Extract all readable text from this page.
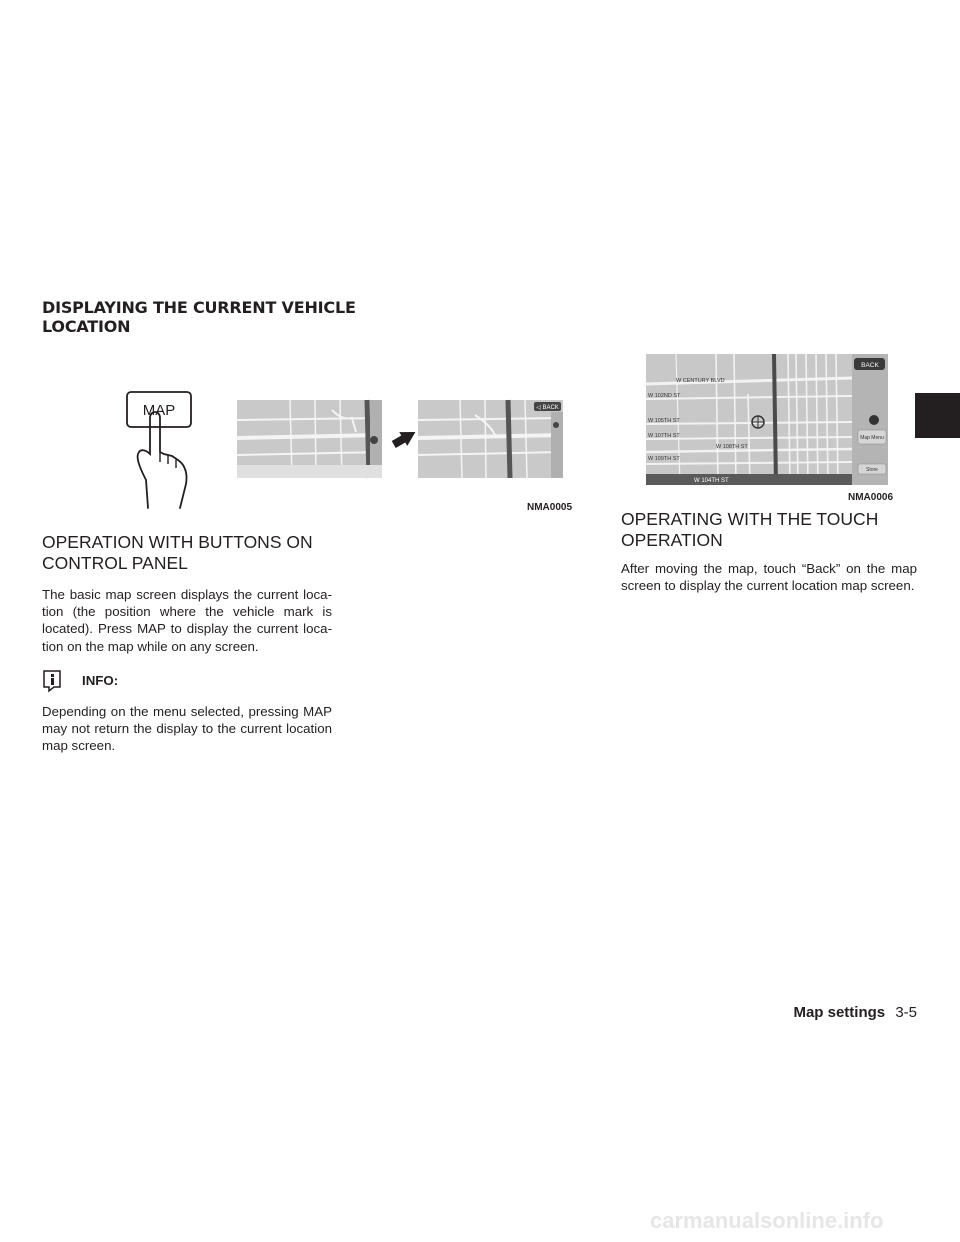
DISPLAYING THE CURRENT VEHICLE
LOCATION
MAP	◁ BACK
NMA0005
W CENTURY BLVD
W 102ND ST
W 105TH ST
W 107TH ST
W 108TH ST
W 109TH ST
W 104TH ST
BACK
Map Menu
Store
NMA0006
OPERATION WITH BUTTONS ON
CONTROL PANEL

The basic map screen displays the current loca- tion (the position where the vehicle mark is located). Press MAP to display the current loca- tion on the map while on any screen.

INFO:

Depending on the menu selected, pressing MAP may not return the display to the current location map screen.

OPERATING WITH THE TOUCH
OPERATION

After moving the map, touch “Back” on the map screen to display the current location map screen.

Map settings 3-5
carmanualsonline.info
